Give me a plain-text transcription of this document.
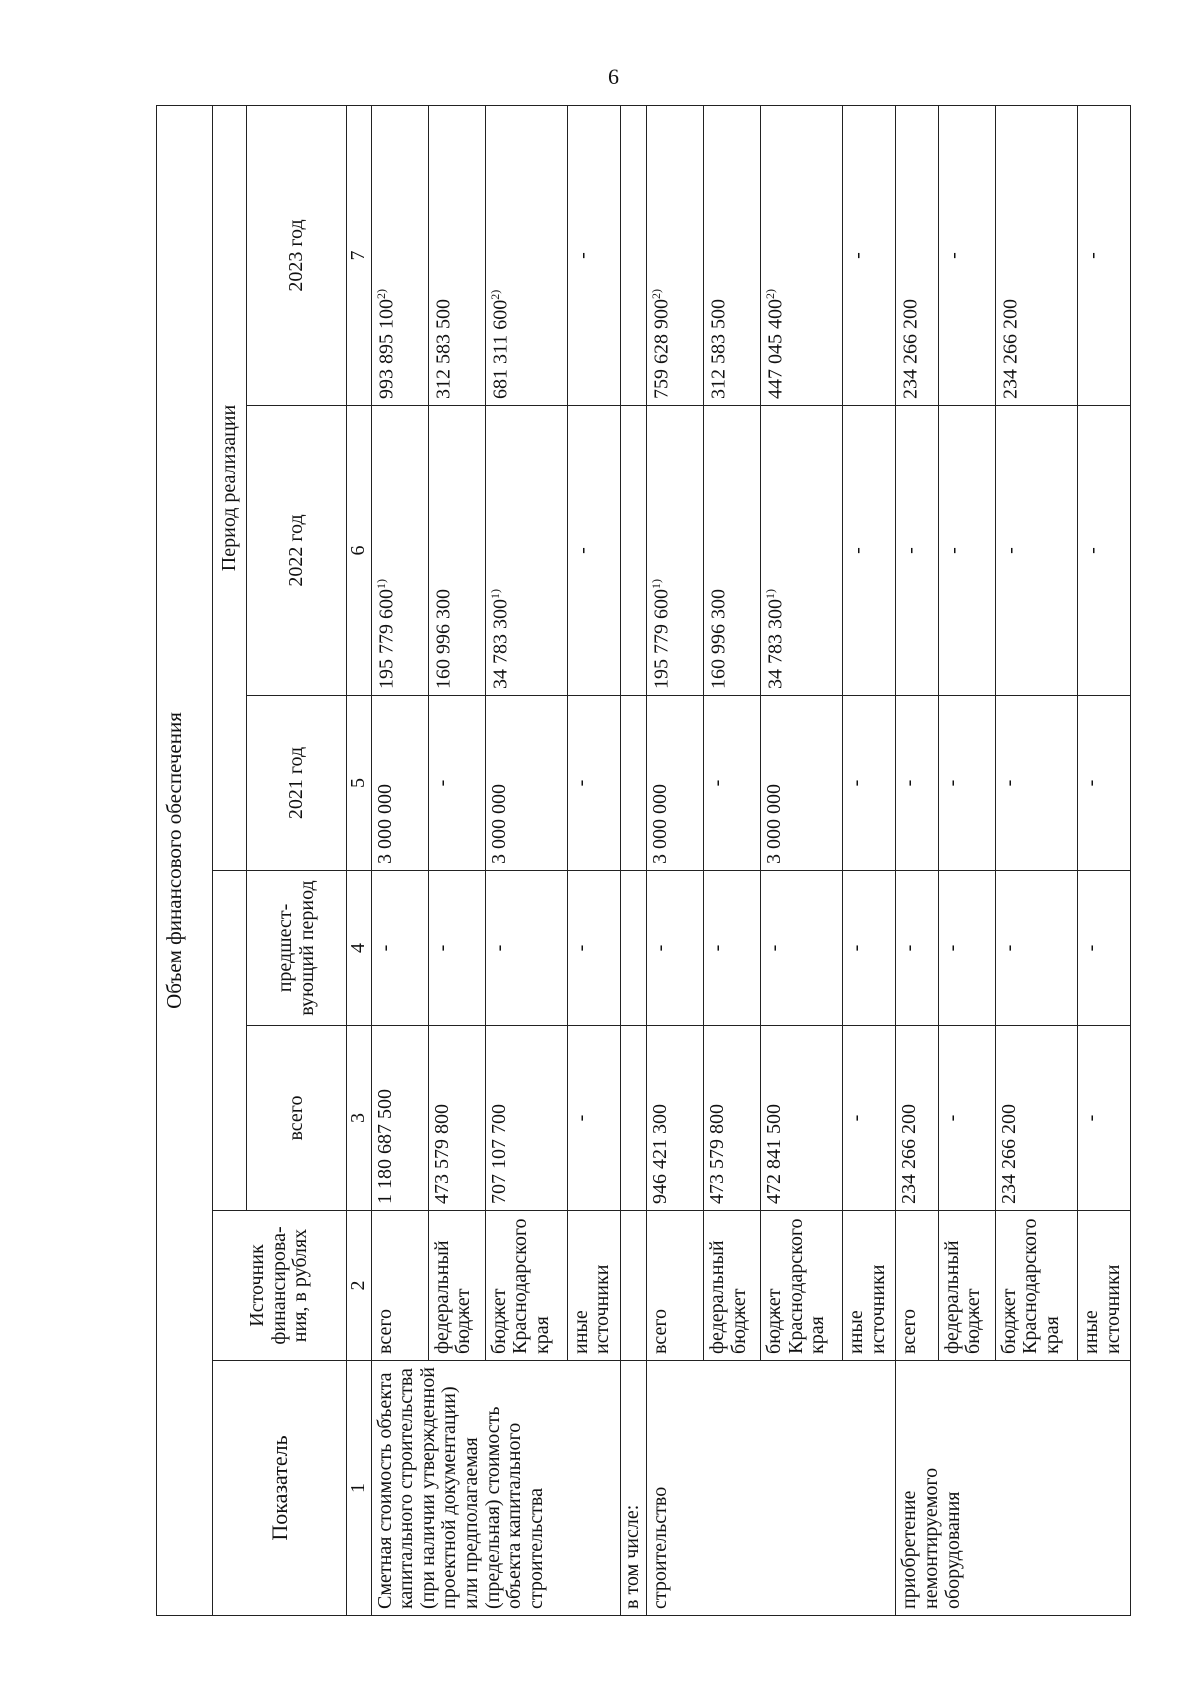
6
Объем финансового обеспечения						
Показатель	Источник финансирова-ния, в рублях			Период реализации		
		всего	предшест-вующий период	2021 год	2022 год	2023 год
1	2	3	4	5	6	7
Сметная стоимость объекта капитального строительства (при наличии утвержденной проектной документации) или предполагаемая (предельная) стоимость объекта капитального строительства	всего	1 180 687 500	-	3 000 000	195 779 600$^{1)}$	993 895 100$^{2)}$
	федеральный бюджет	473 579 800	-	-	160 996 300	312 583 500
	бюджет Краснодарского края	707 107 700	-	3 000 000	34 783 300$^{1)}$	681 311 600$^{2)}$
	иные источники	-	-	-	-	-
в том числе:						
строительство	всего	946 421 300	-	3 000 000	195 779 600$^{1)}$	759 628 900$^{2)}$
	федеральный бюджет	473 579 800	-	-	160 996 300	312 583 500
	бюджет Краснодарского края	472 841 500	-	3 000 000	34 783 300$^{1)}$	447 045 400$^{2)}$
	иные источники	-	-	-	-	-
приобретение немонтируемого оборудования	всего	234 266 200	-	-	-	234 266 200
	федеральный бюджет	-	-	-	-	-
	бюджет Краснодарского края	234 266 200	-	-	-	234 266 200
	иные источники	-	-	-	-	-
